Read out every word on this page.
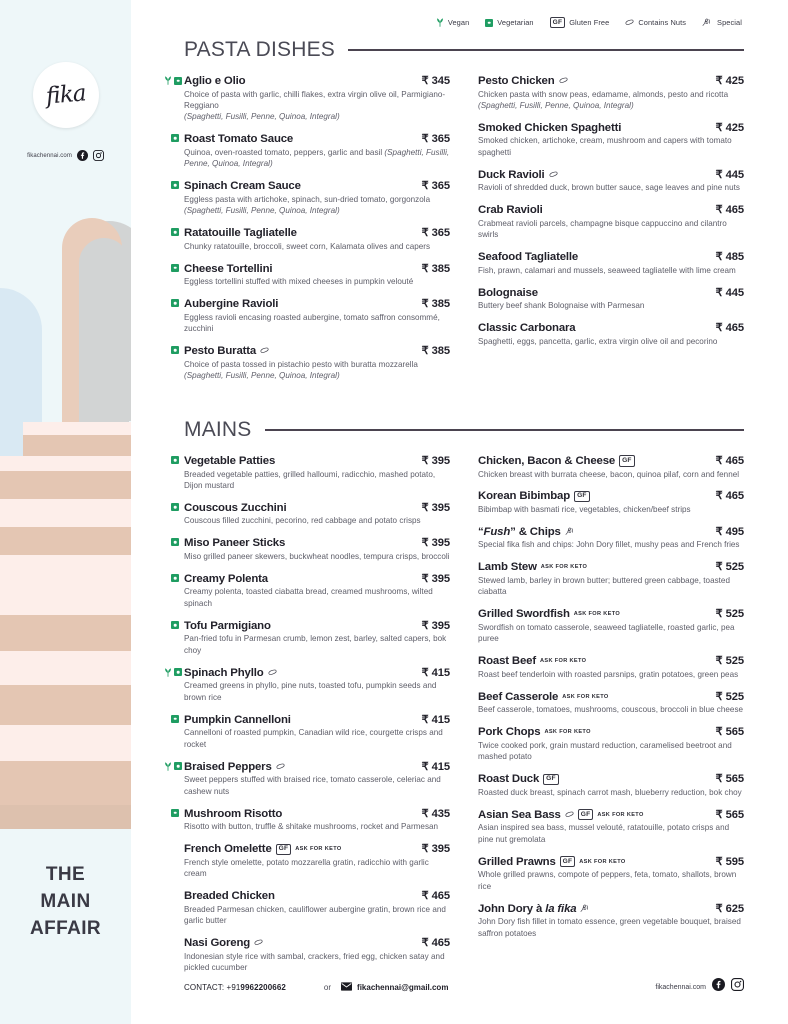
fika
fikachennai.com
THE
MAIN
AFFAIR
Vegan	Vegetarian	GF Gluten Free	Contains Nuts	Special
PASTA DISHES
Aglio e Olio	₹ 345
Choice of pasta with garlic, chilli flakes, extra virgin olive oil, Parmigiano-Reggiano
(Spaghetti, Fusilli, Penne, Quinoa, Integral)
Roast Tomato Sauce	₹ 365
Quinoa, oven-roasted tomato, peppers, garlic and basil (Spaghetti, Fusilli, Penne, Quinoa, Integral)
Spinach Cream Sauce	₹ 365
Eggless pasta with artichoke, spinach, sun-dried tomato, gorgonzola
(Spaghetti, Fusilli, Penne, Quinoa, Integral)
Ratatouille Tagliatelle	₹ 365
Chunky ratatouille, broccoli, sweet corn, Kalamata olives and capers
Cheese Tortellini	₹ 385
Eggless tortellini stuffed with mixed cheeses in pumpkin velouté
Aubergine Ravioli	₹ 385
Eggless ravioli encasing roasted aubergine, tomato saffron consommé, zucchini
Pesto Buratta	₹ 385
Choice of pasta tossed in pistachio pesto with buratta mozzarella
(Spaghetti, Fusilli, Penne, Quinoa, Integral)
Pesto Chicken	₹ 425
Chicken pasta with snow peas, edamame, almonds, pesto and ricotta
(Spaghetti, Fusilli, Penne, Quinoa, Integral)
Smoked Chicken Spaghetti	₹ 425
Smoked chicken, artichoke, cream, mushroom and capers with tomato spaghetti
Duck Ravioli	₹ 445
Ravioli of shredded duck, brown butter sauce, sage leaves and pine nuts
Crab Ravioli	₹ 465
Crabmeat ravioli parcels, champagne bisque cappuccino and cilantro swirls
Seafood Tagliatelle	₹ 485
Fish, prawn, calamari and mussels, seaweed tagliatelle with lime cream
Bolognaise	₹ 445
Buttery beef shank Bolognaise with Parmesan
Classic Carbonara	₹ 465
Spaghetti, eggs, pancetta, garlic, extra virgin olive oil and pecorino
MAINS
Vegetable Patties	₹ 395
Breaded vegetable patties, grilled halloumi, radicchio, mashed potato, Dijon mustard
Couscous Zucchini	₹ 395
Couscous filled zucchini, pecorino, red cabbage and potato crisps
Miso Paneer Sticks	₹ 395
Miso grilled paneer skewers, buckwheat noodles, tempura crisps, broccoli
Creamy Polenta	₹ 395
Creamy polenta, toasted ciabatta bread, creamed mushrooms, wilted spinach
Tofu Parmigiano	₹ 395
Pan-fried tofu in Parmesan crumb, lemon zest, barley, salted capers, bok choy
Spinach Phyllo	₹ 415
Creamed greens in phyllo, pine nuts, toasted tofu, pumpkin seeds and brown rice
Pumpkin Cannelloni	₹ 415
Cannelloni of roasted pumpkin, Canadian wild rice, courgette crisps and rocket
Braised Peppers	₹ 415
Sweet peppers stuffed with braised rice, tomato casserole, celeriac and cashew nuts
Mushroom Risotto	₹ 435
Risotto with button, truffle & shitake mushrooms, rocket and Parmesan
French Omelette	GF	ASK FOR KETO	₹ 395
French style omelette, potato mozzarella gratin, radicchio with garlic cream
Breaded Chicken	₹ 465
Breaded Parmesan chicken, cauliflower aubergine gratin, brown rice and garlic butter
Nasi Goreng	₹ 465
Indonesian style rice with sambal, crackers, fried egg, chicken satay and pickled cucumber
Chicken, Bacon & Cheese	GF	₹ 465
Chicken breast with burrata cheese, bacon, quinoa pilaf, corn and fennel
Korean Bibimbap	GF	₹ 465
Bibimbap with basmati rice, vegetables, chicken/beef strips
“Fush” & Chips	₹ 495
Special fika fish and chips: John Dory fillet, mushy peas and French fries
Lamb Stew ASK FOR KETO	₹ 525
Stewed lamb, barley in brown butter; buttered green cabbage, toasted ciabatta
Grilled Swordfish ASK FOR KETO	₹ 525
Swordfish on tomato casserole, seaweed tagliatelle, roasted garlic, pea puree
Roast Beef ASK FOR KETO	₹ 525
Roast beef tenderloin with roasted parsnips, gratin potatoes, green peas
Beef Casserole ASK FOR KETO	₹ 525
Beef casserole, tomatoes, mushrooms, couscous, broccoli in blue cheese
Pork Chops ASK FOR KETO	₹ 565
Twice cooked pork, grain mustard reduction, caramelised beetroot and mashed potato
Roast Duck	GF	₹ 565
Roasted duck breast, spinach carrot mash, blueberry reduction, bok choy
Asian Sea Bass	GF	ASK FOR KETO	₹ 565
Asian inspired sea bass, mussel velouté, ratatouille, potato crisps and pine nut gremolata
Grilled Prawns	GF	ASK FOR KETO	₹ 595
Whole grilled prawns, compote of peppers, feta, tomato, shallots, brown rice
John Dory à la fika	₹ 625
John Dory fish fillet in tomato essence, green vegetable bouquet, braised saffron potatoes
CONTACT: +919962200662	or	fikachennai@gmail.com	fikachennai.com
